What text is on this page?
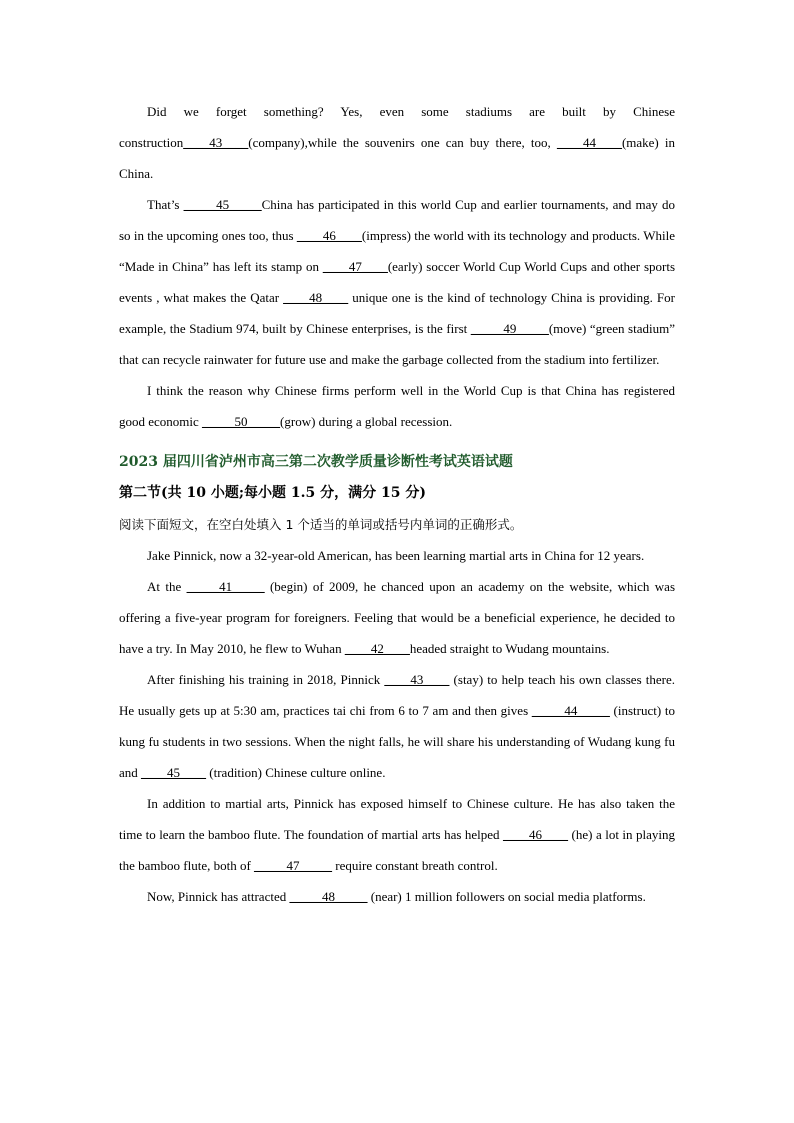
Did we forget something? Yes, even some stadiums are built by Chinese construction____43____(company),while the souvenirs one can buy there, too, ____44____(make) in China.

That’s _____45_____China has participated in this world Cup and earlier tournaments, and may do so in the upcoming ones too, thus ____46____(impress) the world with its technology and products. While “Made in China” has left its stamp on ____47____(early) soccer World Cup World Cups and other sports events , what makes the Qatar ____48____ unique one is the kind of technology China is providing. For example, the Stadium 974, built by Chinese enterprises, is the first _____49_____(move) “green stadium” that can recycle rainwater for future use and make the garbage collected from the stadium into fertilizer.

I think the reason why Chinese firms perform well in the World Cup is that China has registered good economic _____50_____(grow) during a global recession.

2023 届四川省泸州市高三第二次教学质量诊断性考试英语试题

第二节(共 10 小题;每小题 1.5 分，满分 15 分)

阅读下面短文，在空白处填入 1 个适当的单词或括号内单词的正确形式。

Jake Pinnick, now a 32-year-old American, has been learning martial arts in China for 12 years.

At the _____41_____ (begin) of 2009, he chanced upon an academy on the website, which was offering a five-year program for foreigners. Feeling that would be a beneficial experience, he decided to have a try. In May 2010, he flew to Wuhan ____42____headed straight to Wudang mountains.

After finishing his training in 2018, Pinnick ____43____ (stay) to help teach his own classes there. He usually gets up at 5:30 am, practices tai chi from 6 to 7 am and then gives _____44_____ (instruct) to kung fu students in two sessions. When the night falls, he will share his understanding of Wudang kung fu and ____45____ (tradition) Chinese culture online.

In addition to martial arts, Pinnick has exposed himself to Chinese culture. He has also taken the time to learn the bamboo flute. The foundation of martial arts has helped ____46____ (he) a lot in playing the bamboo flute, both of _____47_____ require constant breath control.

Now, Pinnick has attracted _____48_____ (near) 1 million followers on social media platforms.
